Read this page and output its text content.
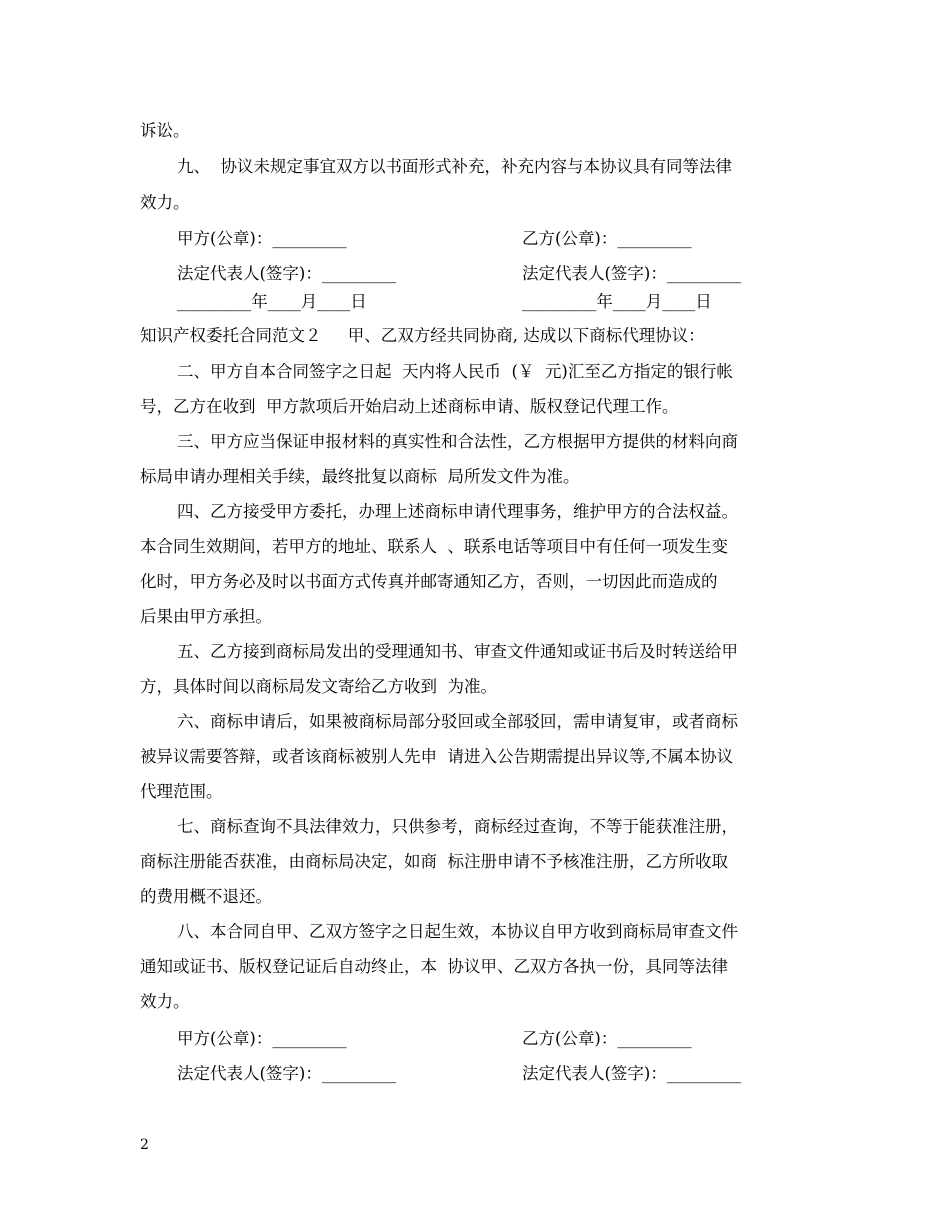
诉讼。
九、  协议未规定事宜双方以书面形式补充，补充内容与本协议具有同等法律
效力。
甲方(公章)：_________	乙方(公章)：_________
法定代表人(签字)：_________	法定代表人(签字)：_________
_________年____月____日	_________年____月____日
知识产权委托合同范文２     甲、乙双方经共同协商, 达成以下商标代理协议：
二、甲方自本合同签字之日起  天内将人民币  (￥  元)汇至乙方指定的银行帐
号，乙方在收到  甲方款项后开始启动上述商标申请、版权登记代理工作。
三、甲方应当保证申报材料的真实性和合法性，乙方根据甲方提供的材料向商
标局申请办理相关手续，最终批复以商标  局所发文件为准。
四、乙方接受甲方委托，办理上述商标申请代理事务，维护甲方的合法权益。
本合同生效期间，若甲方的地址、联系人  、联系电话等项目中有任何一项发生变
化时，甲方务必及时以书面方式传真并邮寄通知乙方，否则，一切因此而造成的
后果由甲方承担。
五、乙方接到商标局发出的受理通知书、审查文件通知或证书后及时转送给甲
方，具体时间以商标局发文寄给乙方收到  为准。
六、商标申请后，如果被商标局部分驳回或全部驳回，需申请复审，或者商标
被异议需要答辩，或者该商标被别人先申  请进入公告期需提出异议等,不属本协议
代理范围。
七、商标查询不具法律效力，只供参考，商标经过查询，不等于能获准注册，
商标注册能否获准，由商标局决定，如商  标注册申请不予核准注册，乙方所收取
的费用概不退还。
八、本合同自甲、乙双方签字之日起生效，本协议自甲方收到商标局审查文件
通知或证书、版权登记证后自动终止，本  协议甲、乙双方各执一份，具同等法律
效力。
甲方(公章)：_________	乙方(公章)：_________
法定代表人(签字)：_________	法定代表人(签字)：_________
2
